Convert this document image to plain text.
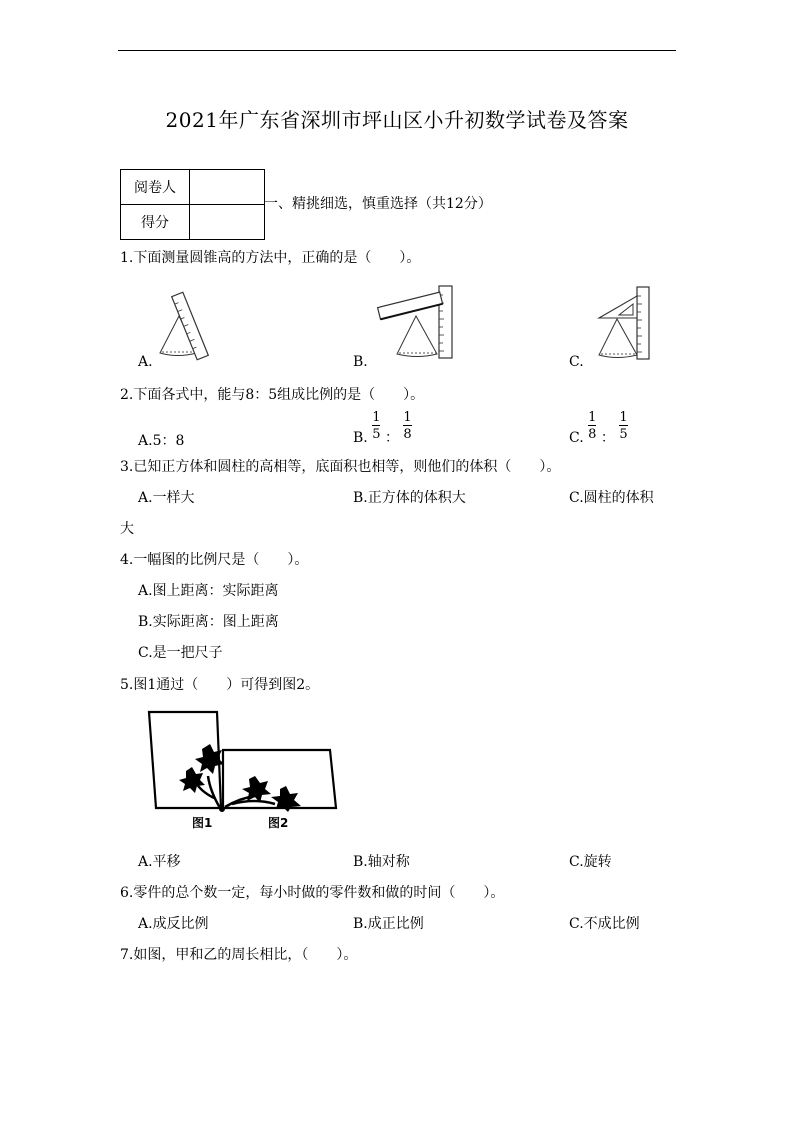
2021年广东省深圳市坪山区小升初数学试卷及答案
阅卷人	
得分	
一、精挑细选，慎重选择（共12分）
1.下面测量圆锥高的方法中，正确的是（　　）。
A.	B.	C.
2.下面各式中，能与8：5组成比例的是（　　）。
A.5：8	B. $\frac{1}{5}$ ： $\frac{1}{8}$	C. $\frac{1}{8}$ ： $\frac{1}{5}$
3.已知正方体和圆柱的高相等，底面积也相等，则他们的体积（　　）。
A.一样大	B.正方体的体积大	C.圆柱的体积
大
4.一幅图的比例尺是（　　）。
A.图上距离：实际距离
B.实际距离：图上距离
C.是一把尺子
5.图1通过（　　）可得到图2。
图1	图2
A.平移	B.轴对称	C.旋转
6.零件的总个数一定，每小时做的零件数和做的时间（　　）。
A.成反比例	B.成正比例	C.不成比例
7.如图，甲和乙的周长相比，（　　）。
